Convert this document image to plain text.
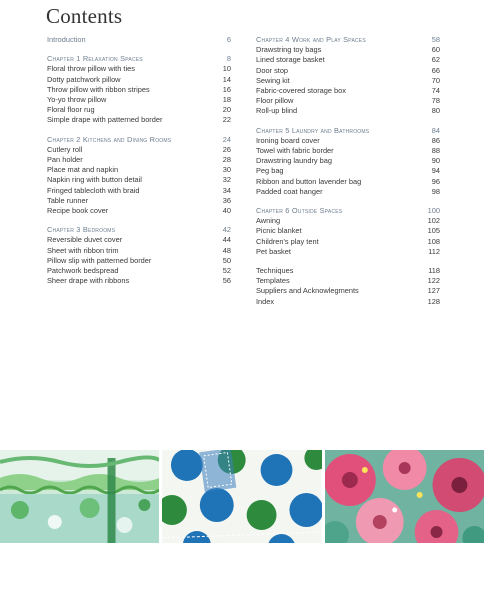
Contents
Introduction	6
Chapter 1 Relaxation Spaces	8
Floral throw pillow with ties	10
Dotty patchwork pillow	14
Throw pillow with ribbon stripes	16
Yo-yo throw pillow	18
Floral floor rug	20
Simple drape with patterned border	22
Chapter 2 Kitchens and Dining Rooms	24
Cutlery roll	26
Pan holder	28
Place mat and napkin	30
Napkin ring with button detail	32
Fringed tablecloth with braid	34
Table runner	36
Recipe book cover	40
Chapter 3 Bedrooms	42
Reversible duvet cover	44
Sheet with ribbon trim	48
Pillow slip with patterned border	50
Patchwork bedspread	52
Sheer drape with ribbons	56
Chapter 4 Work and Play Spaces	58
Drawstring toy bags	60
Lined storage basket	62
Door stop	66
Sewing kit	70
Fabric-covered storage box	74
Floor pillow	78
Roll-up blind	80
Chapter 5 Laundry and Bathrooms	84
Ironing board cover	86
Towel with fabric border	88
Drawstring laundry bag	90
Peg bag	94
Ribbon and button lavender bag	96
Padded coat hanger	98
Chapter 6 Outside Spaces	100
Awning	102
Picnic blanket	105
Children's play tent	108
Pet basket	112
Techniques	118
Templates	122
Suppliers and Acknowlegments	127
Index	128
